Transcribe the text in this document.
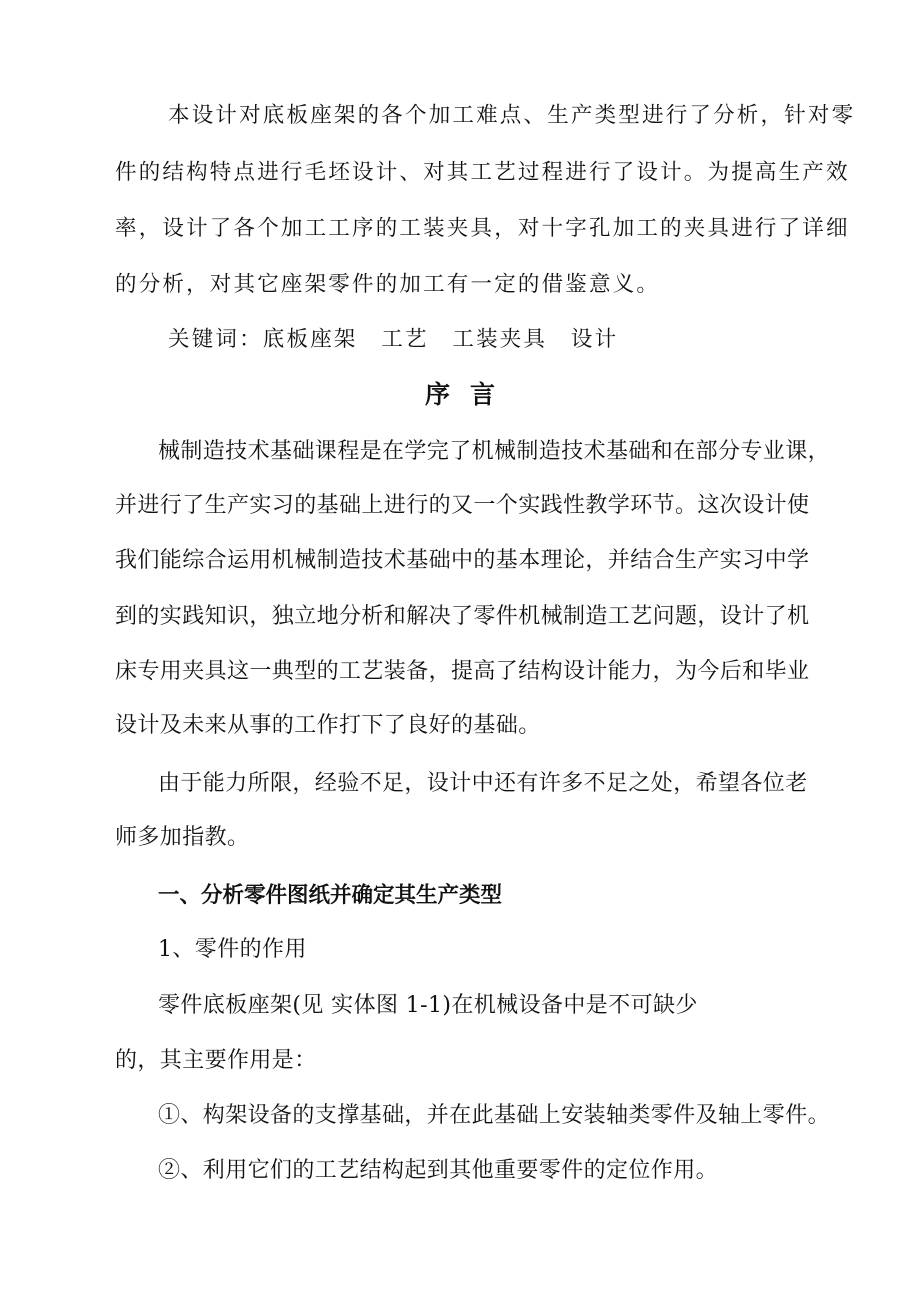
本设计对底板座架的各个加工难点、生产类型进行了分析，针对零
件的结构特点进行毛坯设计、对其工艺过程进行了设计。为提高生产效
率，设计了各个加工工序的工装夹具，对十字孔加工的夹具进行了详细
的分析，对其它座架零件的加工有一定的借鉴意义。
关键词：底板座架　工艺　工装夹具　设计
序言
械制造技术基础课程是在学完了机械制造技术基础和在部分专业课，
并进行了生产实习的基础上进行的又一个实践性教学环节。这次设计使
我们能综合运用机械制造技术基础中的基本理论，并结合生产实习中学
到的实践知识，独立地分析和解决了零件机械制造工艺问题，设计了机
床专用夹具这一典型的工艺装备，提高了结构设计能力，为今后和毕业
设计及未来从事的工作打下了良好的基础。
由于能力所限，经验不足，设计中还有许多不足之处，希望各位老
师多加指教。
一、分析零件图纸并确定其生产类型
1、零件的作用
零件底板座架(见 实体图 1-1)在机械设备中是不可缺少
的，其主要作用是：
①、构架设备的支撑基础，并在此基础上安装轴类零件及轴上零件。
②、利用它们的工艺结构起到其他重要零件的定位作用。
